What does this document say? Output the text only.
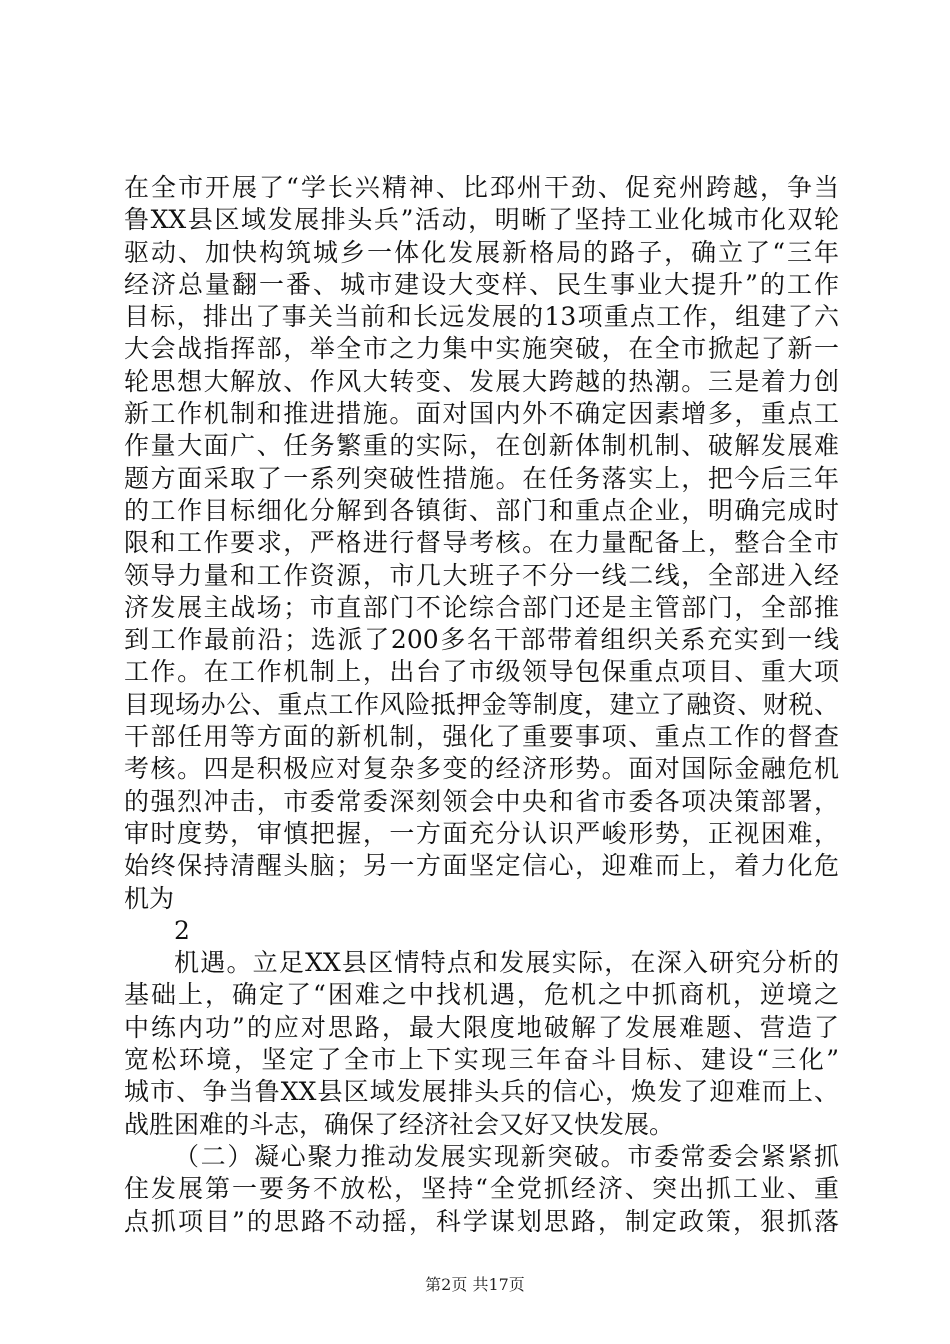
在全市开展了“学长兴精神、比邳州干劲、促兖州跨越，争当
鲁XX县区域发展排头兵”活动，明晰了坚持工业化城市化双轮
驱动、加快构筑城乡一体化发展新格局的路子，确立了“三年
经济总量翻一番、城市建设大变样、民生事业大提升”的工作
目标，排出了事关当前和长远发展的13项重点工作，组建了六
大会战指挥部，举全市之力集中实施突破，在全市掀起了新一
轮思想大解放、作风大转变、发展大跨越的热潮。三是着力创
新工作机制和推进措施。面对国内外不确定因素增多，重点工
作量大面广、任务繁重的实际，在创新体制机制、破解发展难
题方面采取了一系列突破性措施。在任务落实上，把今后三年
的工作目标细化分解到各镇街、部门和重点企业，明确完成时
限和工作要求，严格进行督导考核。在力量配备上，整合全市
领导力量和工作资源，市几大班子不分一线二线，全部进入经
济发展主战场；市直部门不论综合部门还是主管部门，全部推
到工作最前沿；选派了200多名干部带着组织关系充实到一线
工作。在工作机制上，出台了市级领导包保重点项目、重大项
目现场办公、重点工作风险抵押金等制度，建立了融资、财税、
干部任用等方面的新机制，强化了重要事项、重点工作的督查
考核。四是积极应对复杂多变的经济形势。面对国际金融危机
的强烈冲击，市委常委深刻领会中央和省市委各项决策部署，
审时度势，审慎把握，一方面充分认识严峻形势，正视困难，
始终保持清醒头脑；另一方面坚定信心，迎难而上，着力化危
机为
2
机遇。立足XX县区情特点和发展实际，在深入研究分析的
基础上，确定了“困难之中找机遇，危机之中抓商机，逆境之
中练内功”的应对思路，最大限度地破解了发展难题、营造了
宽松环境，坚定了全市上下实现三年奋斗目标、建设“三化”
城市、争当鲁XX县区域发展排头兵的信心，焕发了迎难而上、
战胜困难的斗志，确保了经济社会又好又快发展。
（二）凝心聚力推动发展实现新突破。市委常委会紧紧抓
住发展第一要务不放松，坚持“全党抓经济、突出抓工业、重
点抓项目”的思路不动摇，科学谋划思路，制定政策，狠抓落
第2页 共17页
